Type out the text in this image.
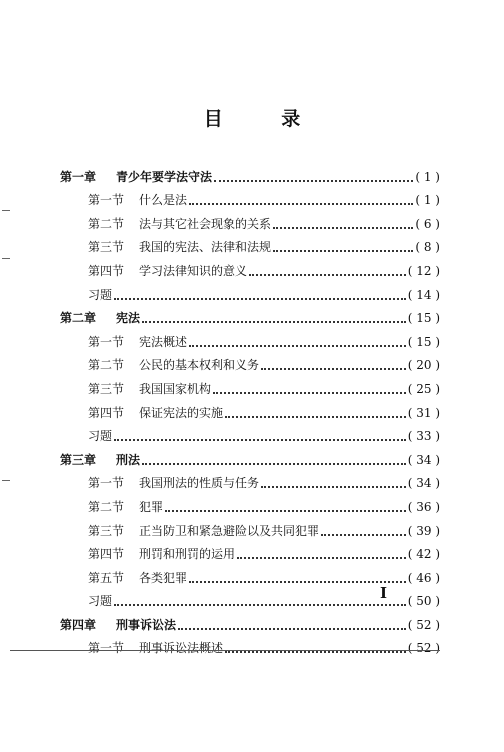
目 录
第一章 青少年要学法守法	( 1 )
第一节 什么是法	( 1 )
第二节 法与其它社会现象的关系	( 6 )
第三节 我国的宪法、法律和法规	( 8 )
第四节 学习法律知识的意义	( 12 )
习题	( 14 )
第二章 宪法	( 15 )
第一节 宪法概述	( 15 )
第二节 公民的基本权利和义务	( 20 )
第三节 我国国家机构	( 25 )
第四节 保证宪法的实施	( 31 )
习题	( 33 )
第三章 刑法	( 34 )
第一节 我国刑法的性质与任务	( 34 )
第二节 犯罪	( 36 )
第三节 正当防卫和紧急避险以及共同犯罪	( 39 )
第四节 刑罚和刑罚的运用	( 42 )
第五节 各类犯罪	( 46 )
习题	( 50 )
第四章 刑事诉讼法	( 52 )
第一节 刑事诉讼法概述	( 52 )
I
